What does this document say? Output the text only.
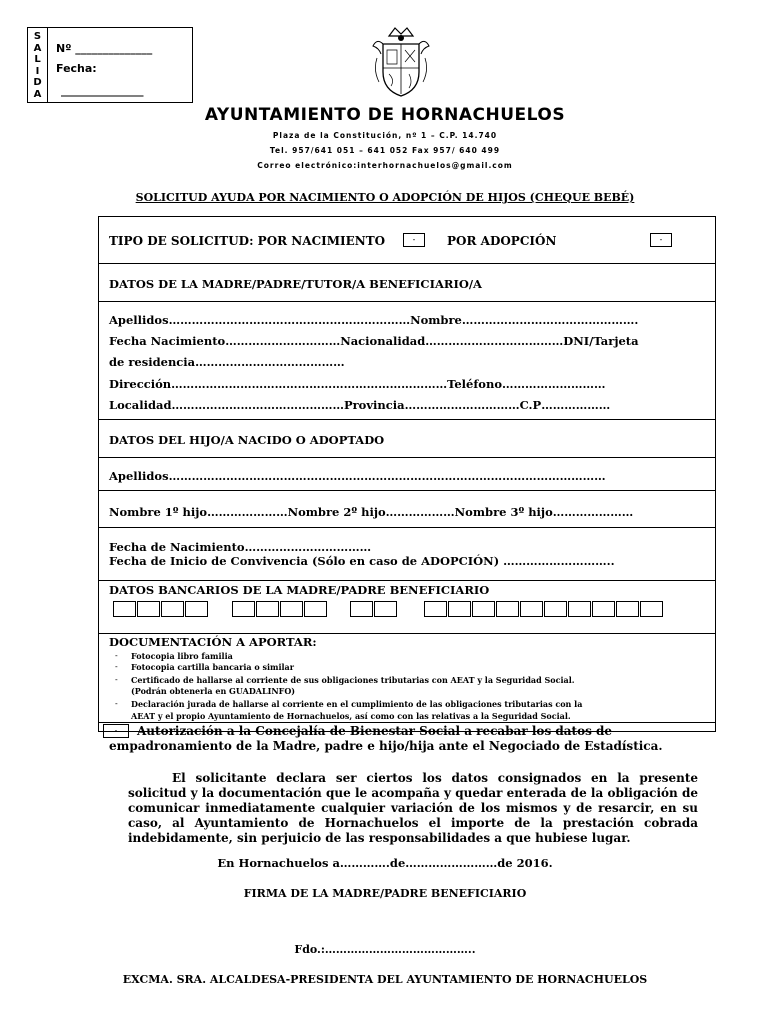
S
A
L
I
D
A
Nº ______________
Fecha:
_______________
AYUNTAMIENTO DE HORNACHUELOS
Plaza de la Constitución, nº 1 – C.P. 14.740
Tel. 957/641 051 – 641 052 Fax 957/ 640 499
Correo electrónico:interhornachuelos@gmail.com
SOLICITUD AYUDA POR NACIMIENTO O ADOPCIÓN DE HIJOS (CHEQUE BEBÉ)
TIPO DE SOLICITUD: POR NACIMIENTO	-	POR ADOPCIÓN	-
DATOS DE LA MADRE/PADRE/TUTOR/A BENEFICIARIO/A
Apellidos………………………………………………………Nombre……………………………………….
Fecha Nacimiento…………………………Nacionalidad………………………………DNI/Tarjeta
de residencia…………………………………
Dirección………………………………………………………………Teléfono………………………
Localidad………………………………………Provincia…………………………C.P………………
DATOS DEL HIJO/A NACIDO O ADOPTADO
Apellidos……………………………………………………………………………………………………
Nombre 1º hijo…………………Nombre 2º hijo………………Nombre 3º hijo…………………
Fecha de Nacimiento……………………………
Fecha de Inicio de Convivencia (Sólo en caso de ADOPCIÓN) ………………………..
DATOS BANCARIOS DE LA MADRE/PADRE BENEFICIARIO
DOCUMENTACIÓN A APORTAR:
- Fotocopia libro familia
- Fotocopia cartilla bancaria o similar
- Certificado de hallarse al corriente de sus obligaciones tributarias con AEAT y la Seguridad Social.
(Podrán obtenerla en GUADALINFO)
- Declaración jurada de hallarse al corriente en el cumplimiento de las obligaciones tributarias con la
AEAT y el propio Ayuntamiento de Hornachuelos, así como con las relativas a la Seguridad Social.
-	Autorización a la Concejalía de Bienestar Social a recabar los datos de
empadronamiento de la Madre, padre e hijo/hija ante el Negociado de Estadística.
El solicitante declara ser ciertos los datos consignados en la presente solicitud y la documentación que le acompaña y quedar enterada de la obligación de comunicar inmediatamente cualquier variación de los mismos y de resarcir, en su caso, al Ayuntamiento de Hornachuelos el importe de la prestación cobrada indebidamente, sin perjuicio de las responsabilidades a que hubiese lugar.
En Hornachuelos a………….de……………………de 2016.
FIRMA DE LA MADRE/PADRE BENEFICIARIO
Fdo.:…………………………………..
EXCMA. SRA. ALCALDESA-PRESIDENTA DEL AYUNTAMIENTO DE HORNACHUELOS
